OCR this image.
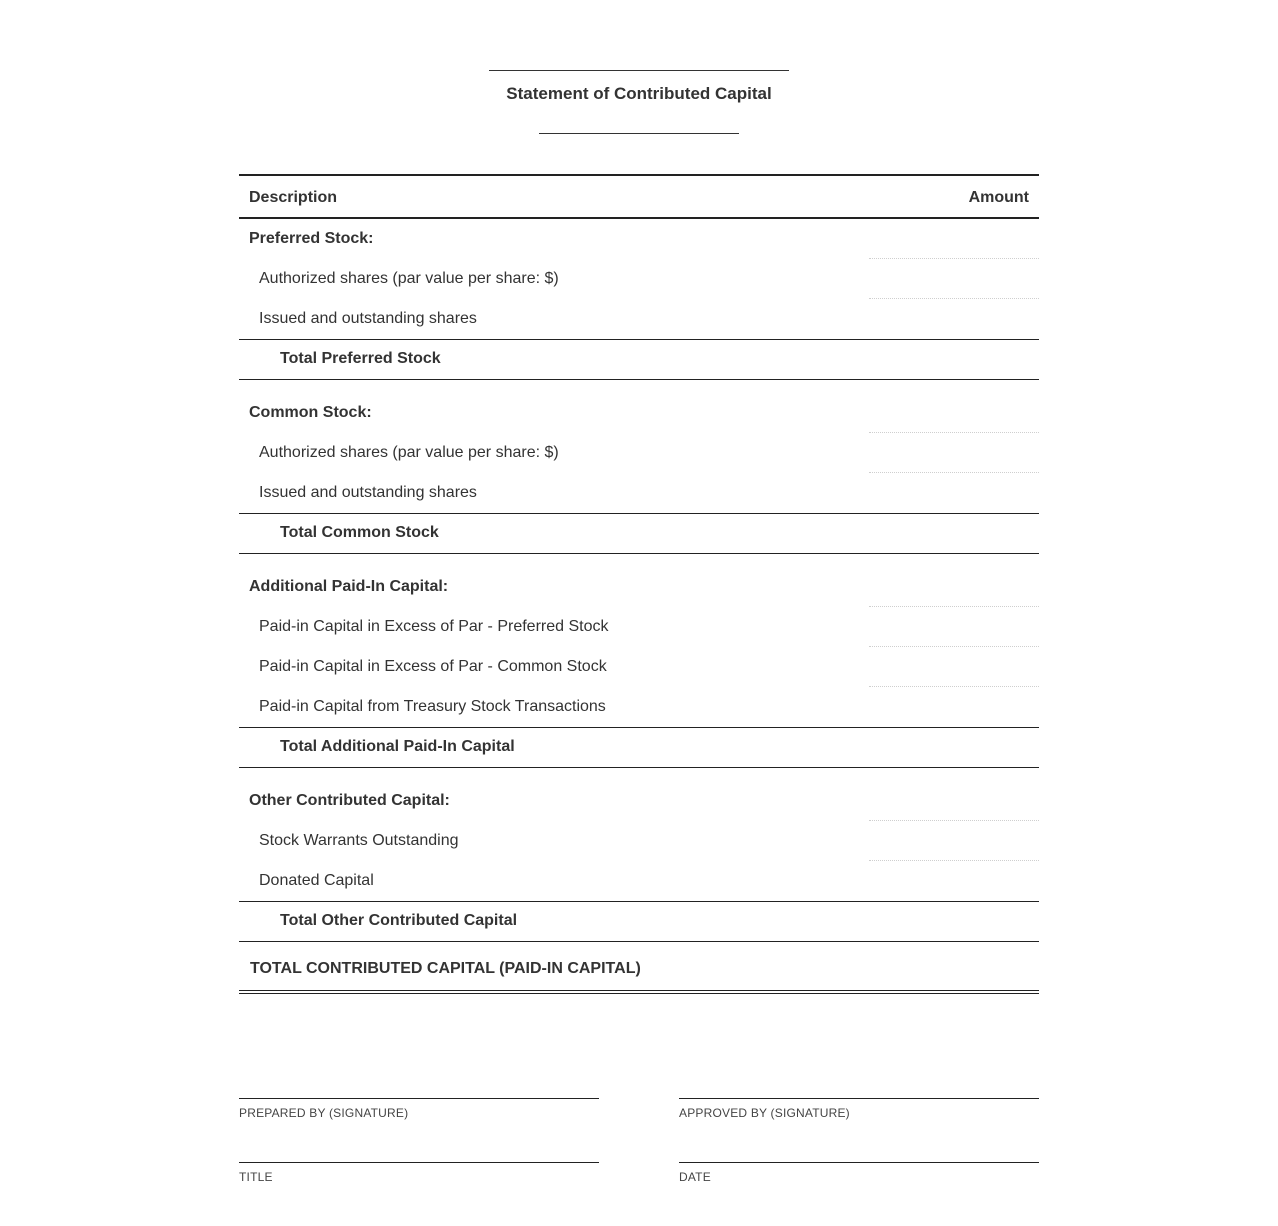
Statement of Contributed Capital
Description	Amount
Preferred Stock:
Authorized shares (par value per share: $)
Issued and outstanding shares
Total Preferred Stock
Common Stock:
Authorized shares (par value per share: $)
Issued and outstanding shares
Total Common Stock
Additional Paid-In Capital:
Paid-in Capital in Excess of Par - Preferred Stock
Paid-in Capital in Excess of Par - Common Stock
Paid-in Capital from Treasury Stock Transactions
Total Additional Paid-In Capital
Other Contributed Capital:
Stock Warrants Outstanding
Donated Capital
Total Other Contributed Capital
TOTAL CONTRIBUTED CAPITAL (PAID-IN CAPITAL)
PREPARED BY (SIGNATURE)	APPROVED BY (SIGNATURE)
TITLE	DATE
